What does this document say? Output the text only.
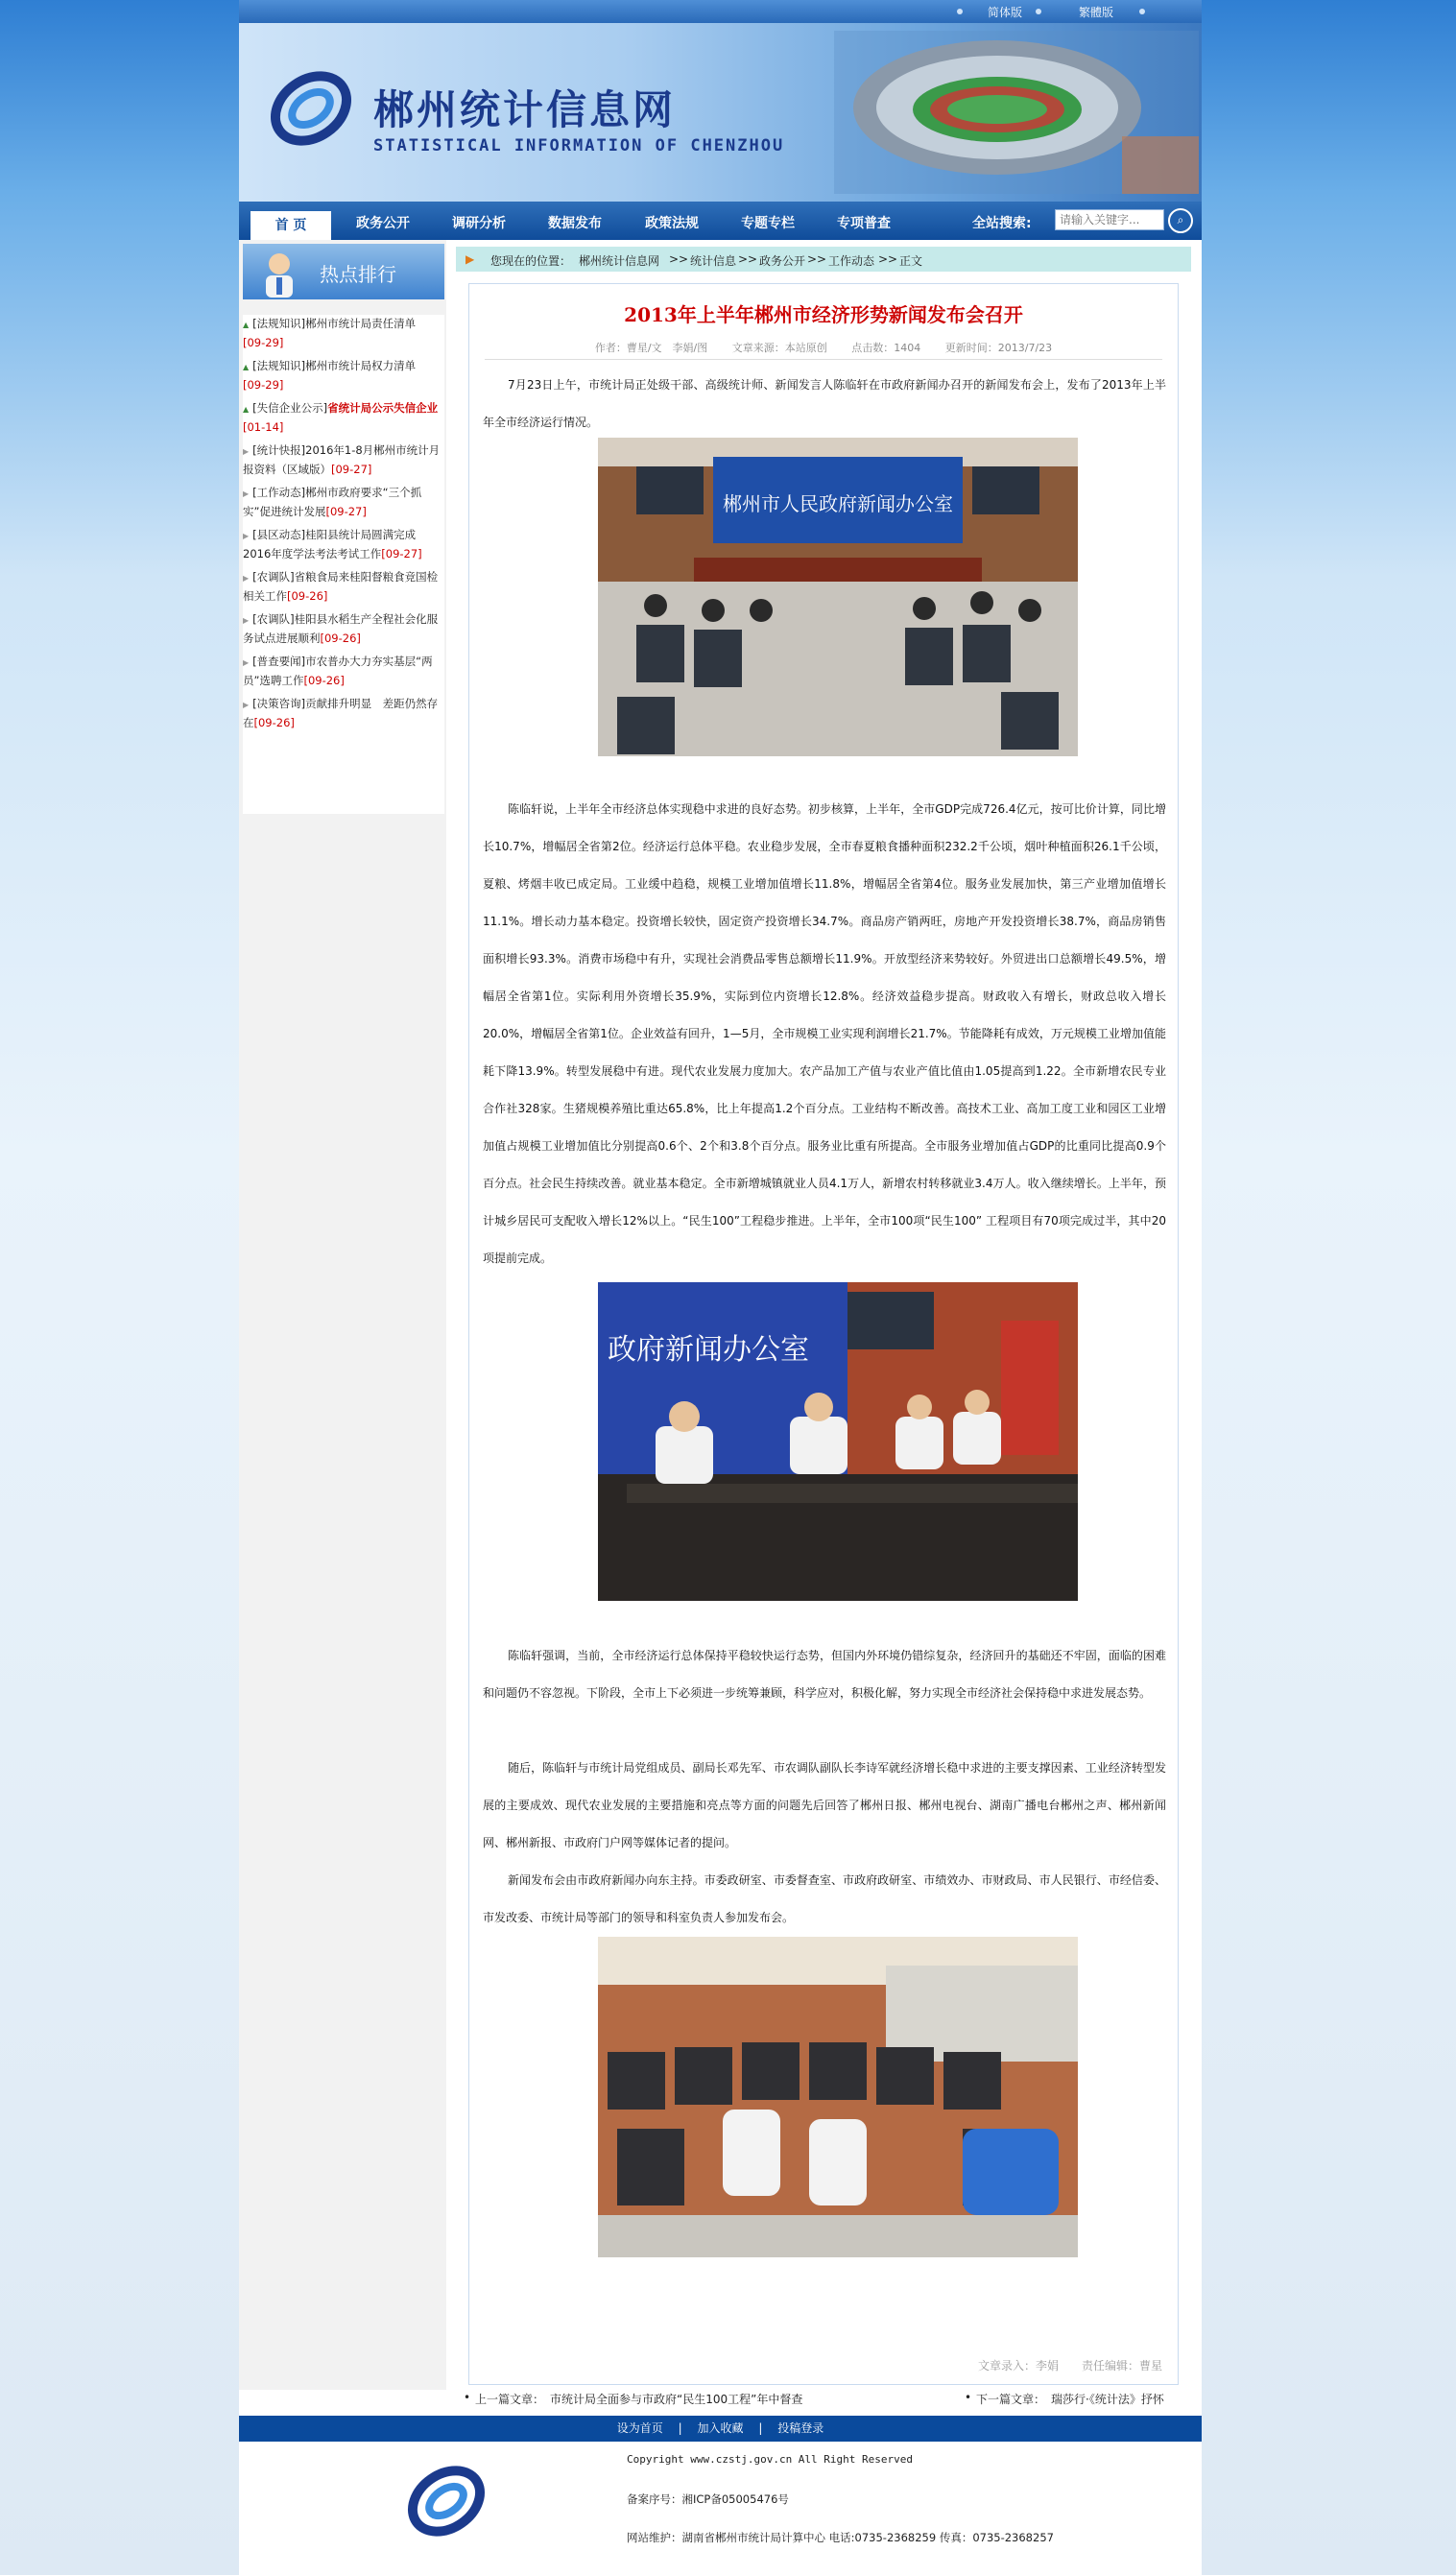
简体版	繁體版
郴州统计信息网
STATISTICAL INFORMATION OF CHENZHOU
首 页	政务公开	调研分析	数据发布	政策法规	专题专栏	专项普查	全站搜索:
请输入关键字...	⌕
热点排行
▲ [法规知识]郴州市统计局责任清单
[09-29]
▲ [法规知识]郴州市统计局权力清单
[09-29]
▲ [失信企业公示]省统计局公示失信企业[01-14]
▶ [统计快报]2016年1-8月郴州市统计月报资料（区域版）[09-27]
▶ [工作动态]郴州市政府要求“三个抓实”促进统计发展[09-27]
▶ [县区动态]桂阳县统计局圆满完成2016年度学法考法考试工作[09-27]
▶ [农调队]省粮食局来桂阳督粮食竞国检相关工作[09-26]
▶ [农调队]桂阳县水稻生产全程社会化服务试点进展顺利[09-26]
▶ [普查要闻]市农普办大力夯实基层“两员”选聘工作[09-26]
▶ [决策咨询]贡献排升明显　差距仍然存在[09-26]
▶ 您现在的位置： 郴州统计信息网 >> 统计信息 >> 政务公开 >> 工作动态 >> 正文
2013年上半年郴州市经济形势新闻发布会召开
作者：曹星/文　李娟/图　　 文章来源：本站原创　　 点击数：1404　　 更新时间：2013/7/23
7月23日上午，市统计局正处级干部、高级统计师、新闻发言人陈临轩在市政府新闻办召开的新闻发布会上，发布了2013年上半年全市经济运行情况。
郴州市人民政府新闻办公室
陈临轩说，上半年全市经济总体实现稳中求进的良好态势。初步核算，上半年，全市GDP完成726.4亿元，按可比价计算，同比增长10.7%，增幅居全省第2位。经济运行总体平稳。农业稳步发展，全市春夏粮食播种面积232.2千公顷，烟叶种植面积26.1千公顷，夏粮、烤烟丰收已成定局。工业缓中趋稳，规模工业增加值增长11.8%，增幅居全省第4位。服务业发展加快，第三产业增加值增长11.1%。增长动力基本稳定。投资增长较快，固定资产投资增长34.7%。商品房产销两旺，房地产开发投资增长38.7%，商品房销售面积增长93.3%。消费市场稳中有升，实现社会消费品零售总额增长11.9%。开放型经济来势较好。外贸进出口总额增长49.5%，增幅居全省第1位。实际利用外资增长35.9%，实际到位内资增长12.8%。经济效益稳步提高。财政收入有增长，财政总收入增长20.0%，增幅居全省第1位。企业效益有回升，1—5月，全市规模工业实现利润增长21.7%。节能降耗有成效，万元规模工业增加值能耗下降13.9%。转型发展稳中有进。现代农业发展力度加大。农产品加工产值与农业产值比值由1.05提高到1.22。全市新增农民专业合作社328家。生猪规模养殖比重达65.8%，比上年提高1.2个百分点。工业结构不断改善。高技术工业、高加工度工业和园区工业增加值占规模工业增加值比分别提高0.6个、2个和3.8个百分点。服务业比重有所提高。全市服务业增加值占GDP的比重同比提高0.9个百分点。社会民生持续改善。就业基本稳定。全市新增城镇就业人员4.1万人，新增农村转移就业3.4万人。收入继续增长。上半年，预计城乡居民可支配收入增长12%以上。“民生100”工程稳步推进。上半年，全市100项“民生100” 工程项目有70项完成过半，其中20项提前完成。
政府新闻办公室
陈临轩强调，当前，全市经济运行总体保持平稳较快运行态势，但国内外环境仍错综复杂，经济回升的基础还不牢固，面临的困难和问题仍不容忽视。下阶段，全市上下必须进一步统筹兼顾，科学应对，积极化解，努力实现全市经济社会保持稳中求进发展态势。
随后，陈临轩与市统计局党组成员、副局长邓先军、市农调队副队长李诗军就经济增长稳中求进的主要支撑因素、工业经济转型发展的主要成效、现代农业发展的主要措施和亮点等方面的问题先后回答了郴州日报、郴州电视台、湖南广播电台郴州之声、郴州新闻网、郴州新报、市政府门户网等媒体记者的提问。
新闻发布会由市政府新闻办向东主持。市委政研室、市委督查室、市政府政研室、市绩效办、市财政局、市人民银行、市经信委、市发改委、市统计局等部门的领导和科室负责人参加发布会。
文章录入：李娟　　责任编辑：曹星
• 上一篇文章：　市统计局全面参与市政府“民生100工程”年中督查	• 下一篇文章：　瑞莎行·《统计法》抒怀
设为首页 　|　 加入收藏 　|　 投稿登录
Copyright www.czstj.gov.cn All Right Reserved
备案序号：湘ICP备05005476号
网站维护：湖南省郴州市统计局计算中心 电话:0735-2368259 传真：0735-2368257
